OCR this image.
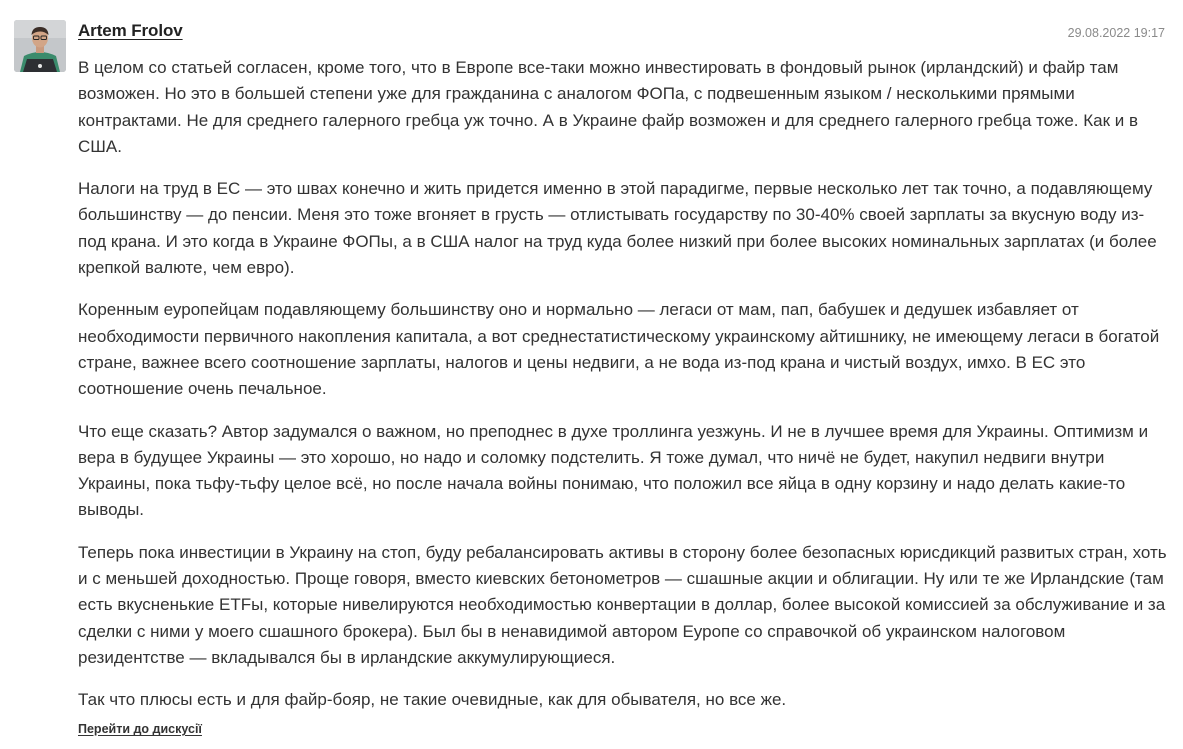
Artem Frolov	29.08.2022 19:17

В целом со статьей согласен, кроме того, что в Европе все-таки можно инвестировать в фондовый рынок (ирландский) и файр там возможен. Но это в большей степени уже для гражданина с аналогом ФОПа, с подвешенным языком / несколькими прямыми контрактами. Не для среднего галерного гребца уж точно. А в Украине файр возможен и для среднего галерного гребца тоже. Как и в США.

Налоги на труд в ЕС — это швах конечно и жить придется именно в этой парадигме, первые несколько лет так точно, а подавляющему большинству — до пенсии. Меня это тоже вгоняет в грусть — отлистывать государству по 30-40% своей зарплаты за вкусную воду из-под крана. И это когда в Украине ФОПы, а в США налог на труд куда более низкий при более высоких номинальных зарплатах (и более крепкой валюте, чем евро).

Коренным еуропейцам подавляющему большинству оно и нормально — легаси от мам, пап, бабушек и дедушек избавляет от необходимости первичного накопления капитала, а вот среднестатистическому украинскому айтишнику, не имеющему легаси в богатой стране, важнее всего соотношение зарплаты, налогов и цены недвиги, а не вода из-под крана и чистый воздух, имхо. В ЕС это соотношение очень печальное.

Что еще сказать? Автор задумался о важном, но преподнес в духе троллинга уезжунь. И не в лучшее время для Украины. Оптимизм и вера в будущее Украины — это хорошо, но надо и соломку подстелить. Я тоже думал, что ничё не будет, накупил недвиги внутри Украины, пока тьфу-тьфу целое всё, но после начала войны понимаю, что положил все яйца в одну корзину и надо делать какие-то выводы.

Теперь пока инвестиции в Украину на стоп, буду ребалансировать активы в сторону более безопасных юрисдикций развитых стран, хоть и с меньшей доходностью. Проще говоря, вместо киевских бетонометров — сшашные акции и облигации. Ну или те же Ирландские (там есть вкусненькие ETFы, которые нивелируются необходимостью конвертации в доллар, более высокой комиссией за обслуживание и за сделки с ними у моего сшашного брокера). Был бы в ненавидимой автором Еуропе со справочкой об украинском налоговом резидентстве — вкладывался бы в ирландские аккумулирующиеся.

Так что плюсы есть и для файр-бояр, не такие очевидные, как для обывателя, но все же.

Перейти до дискусії
